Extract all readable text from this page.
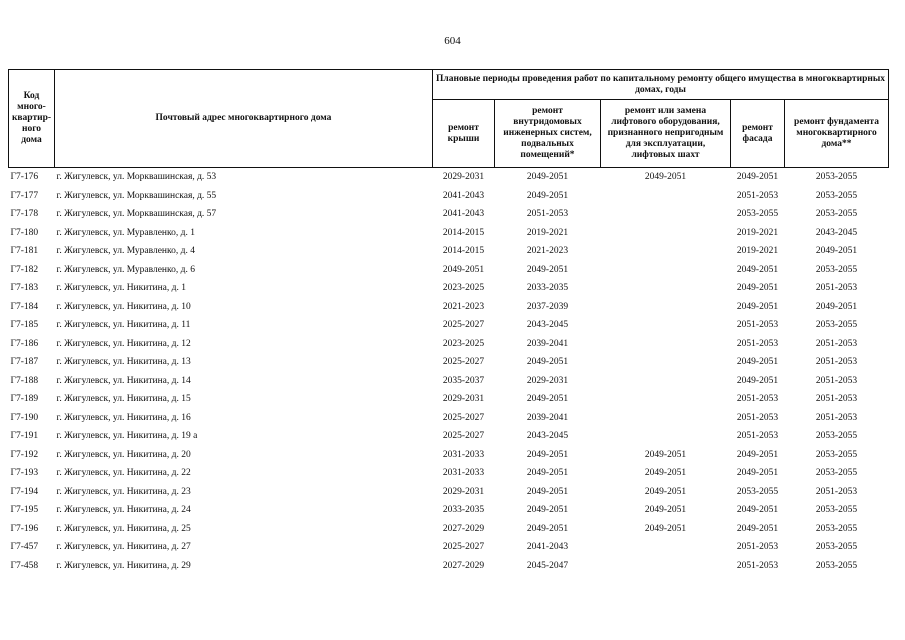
604
Код много-квартир-ного дома	Почтовый адрес многоквартирного дома	Плановые периоды проведения работ по капитальному ремонту общего имущества в многоквартирных домах, годы				
		ремонт крыши	ремонт внутридомовых инженерных систем, подвальных помещений*	ремонт или замена лифтового оборудования, признанного непригодным для эксплуатации, лифтовых шахт	ремонт фасада	ремонт фундамента многоквартирного дома**
Г7-176	г. Жигулевск, ул. Морквашинская, д. 53	2029-2031	2049-2051	2049-2051	2049-2051	2053-2055
Г7-177	г. Жигулевск, ул. Морквашинская, д. 55	2041-2043	2049-2051		2051-2053	2053-2055
Г7-178	г. Жигулевск, ул. Морквашинская, д. 57	2041-2043	2051-2053		2053-2055	2053-2055
Г7-180	г. Жигулевск, ул. Муравленко, д. 1	2014-2015	2019-2021		2019-2021	2043-2045
Г7-181	г. Жигулевск, ул. Муравленко, д. 4	2014-2015	2021-2023		2019-2021	2049-2051
Г7-182	г. Жигулевск, ул. Муравленко, д. 6	2049-2051	2049-2051		2049-2051	2053-2055
Г7-183	г. Жигулевск, ул. Никитина, д. 1	2023-2025	2033-2035		2049-2051	2051-2053
Г7-184	г. Жигулевск, ул. Никитина, д. 10	2021-2023	2037-2039		2049-2051	2049-2051
Г7-185	г. Жигулевск, ул. Никитина, д. 11	2025-2027	2043-2045		2051-2053	2053-2055
Г7-186	г. Жигулевск, ул. Никитина, д. 12	2023-2025	2039-2041		2051-2053	2051-2053
Г7-187	г. Жигулевск, ул. Никитина, д. 13	2025-2027	2049-2051		2049-2051	2051-2053
Г7-188	г. Жигулевск, ул. Никитина, д. 14	2035-2037	2029-2031		2049-2051	2051-2053
Г7-189	г. Жигулевск, ул. Никитина, д. 15	2029-2031	2049-2051		2051-2053	2051-2053
Г7-190	г. Жигулевск, ул. Никитина, д. 16	2025-2027	2039-2041		2051-2053	2051-2053
Г7-191	г. Жигулевск, ул. Никитина, д. 19 а	2025-2027	2043-2045		2051-2053	2053-2055
Г7-192	г. Жигулевск, ул. Никитина, д. 20	2031-2033	2049-2051	2049-2051	2049-2051	2053-2055
Г7-193	г. Жигулевск, ул. Никитина, д. 22	2031-2033	2049-2051	2049-2051	2049-2051	2053-2055
Г7-194	г. Жигулевск, ул. Никитина, д. 23	2029-2031	2049-2051	2049-2051	2053-2055	2051-2053
Г7-195	г. Жигулевск, ул. Никитина, д. 24	2033-2035	2049-2051	2049-2051	2049-2051	2053-2055
Г7-196	г. Жигулевск, ул. Никитина, д. 25	2027-2029	2049-2051	2049-2051	2049-2051	2053-2055
Г7-457	г. Жигулевск, ул. Никитина, д. 27	2025-2027	2041-2043		2051-2053	2053-2055
Г7-458	г. Жигулевск, ул. Никитина, д. 29	2027-2029	2045-2047		2051-2053	2053-2055
